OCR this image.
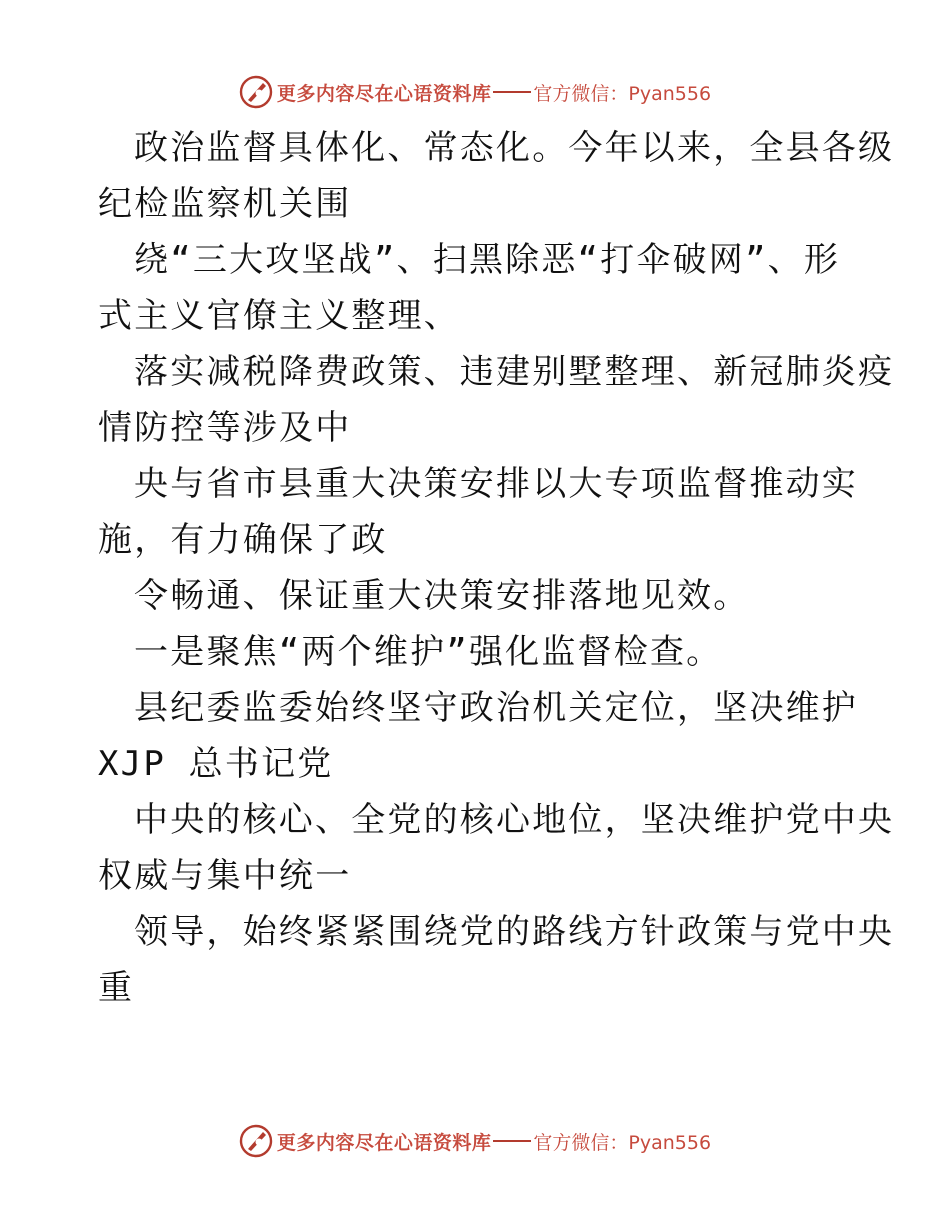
更多内容尽在心语资料库 官方微信：Pyan556
政治监督具体化、常态化。今年以来，全县各级
纪检监察机关围
绕“三大攻坚战”、扫黑除恶“打伞破网”、形
式主义官僚主义整理、
落实减税降费政策、违建别墅整理、新冠肺炎疫
情防控等涉及中
央与省市县重大决策安排以大专项监督推动实
施，有力确保了政
令畅通、保证重大决策安排落地见效。
一是聚焦“两个维护”强化监督检查。
县纪委监委始终坚守政治机关定位，坚决维护
XJP 总书记党
中央的核心、全党的核心地位，坚决维护党中央
权威与集中统一
领导，始终紧紧围绕党的路线方针政策与党中央
重
更多内容尽在心语资料库 官方微信：Pyan556
